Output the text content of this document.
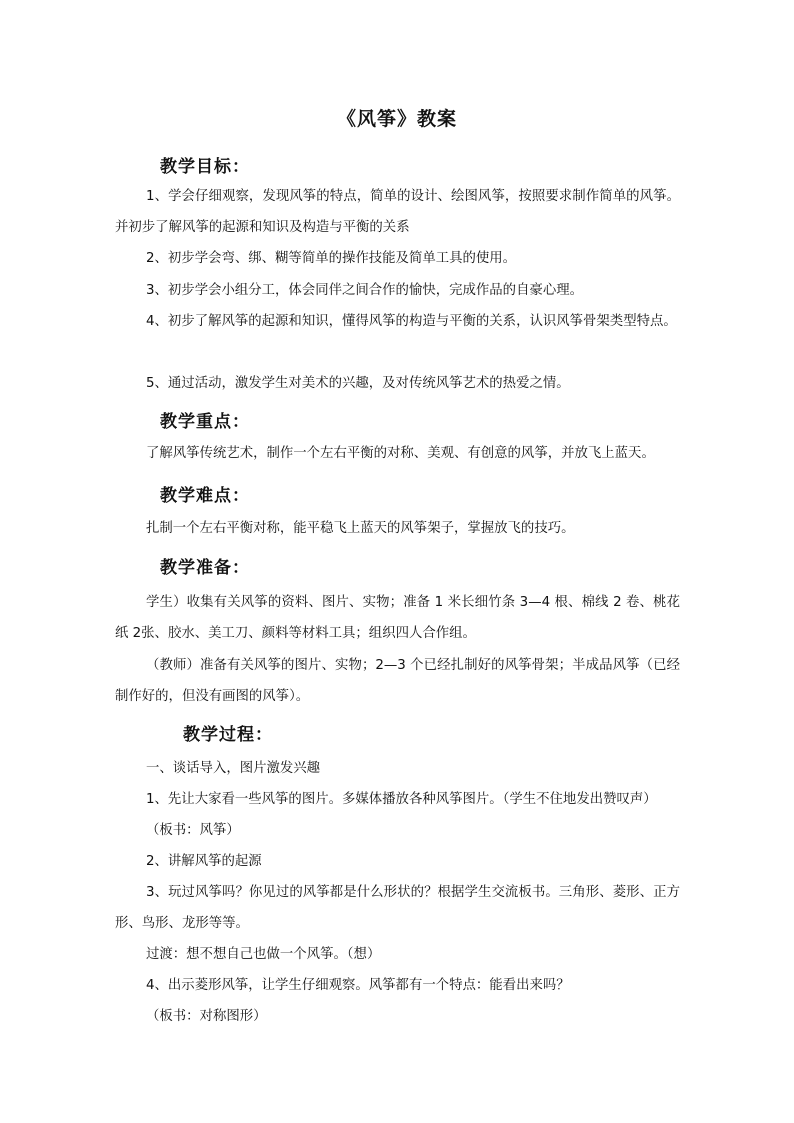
《风筝》教案
教学目标：
1、学会仔细观察，发现风筝的特点，简单的设计、绘图风筝，按照要求制作简单的风筝。并初步了解风筝的起源和知识及构造与平衡的关系
2、初步学会弯、绑、糊等简单的操作技能及简单工具的使用。
3、初步学会小组分工，体会同伴之间合作的愉快，完成作品的自豪心理。
4、初步了解风筝的起源和知识，懂得风筝的构造与平衡的关系，认识风筝骨架类型特点。
5、通过活动，激发学生对美术的兴趣，及对传统风筝艺术的热爱之情。
教学重点：
了解风筝传统艺术，制作一个左右平衡的对称、美观、有创意的风筝，并放飞上蓝天。
教学难点：
扎制一个左右平衡对称，能平稳飞上蓝天的风筝架子，掌握放飞的技巧。
教学准备：
学生）收集有关风筝的资料、图片、实物；准备 1 米长细竹条 3—4 根、棉线 2 卷、桃花纸 2张、胶水、美工刀、颜料等材料工具；组织四人合作组。
（教师）准备有关风筝的图片、实物；2—3 个已经扎制好的风筝骨架；半成品风筝（已经制作好的，但没有画图的风筝）。
教学过程：
一、谈话导入，图片激发兴趣
1、先让大家看一些风筝的图片。多媒体播放各种风筝图片。（学生不住地发出赞叹声）
（板书：风筝）
2、讲解风筝的起源
3、玩过风筝吗？你见过的风筝都是什么形状的？根据学生交流板书。三角形、菱形、正方形、鸟形、龙形等等。
过渡：想不想自己也做一个风筝。（想）
4、出示菱形风筝，让学生仔细观察。风筝都有一个特点：能看出来吗？
（板书：对称图形）
